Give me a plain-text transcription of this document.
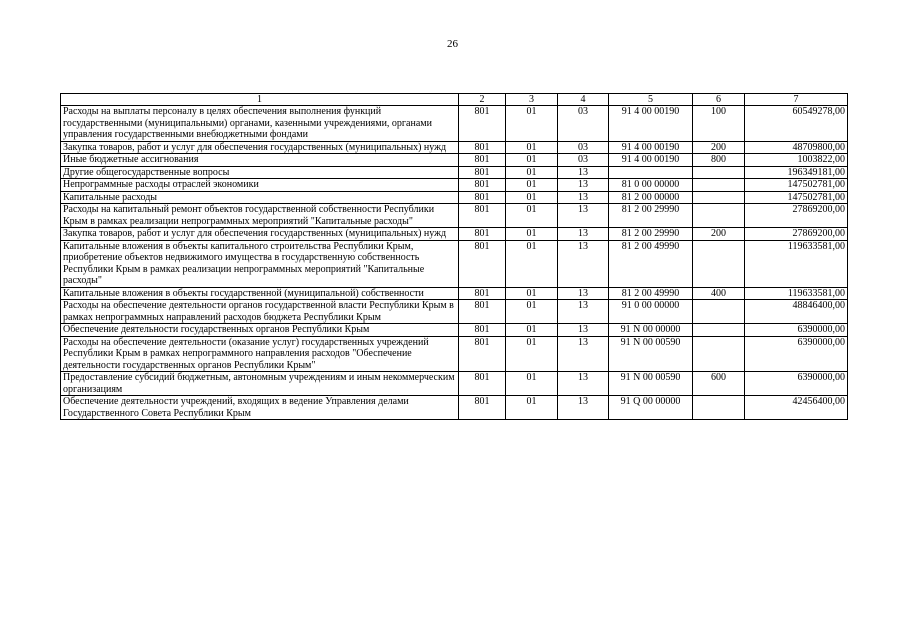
26
1	2	3	4	5	6	7
Расходы на выплаты персоналу в целях обеспечения выполнения функций государственными (муниципальными) органами, казенными учреждениями, органами управления государственными внебюджетными фондами	801	01	03	91 4 00 00190	100	60549278,00
Закупка товаров, работ и услуг для обеспечения государственных (муниципальных) нужд	801	01	03	91 4 00 00190	200	48709800,00
Иные бюджетные ассигнования	801	01	03	91 4 00 00190	800	1003822,00
Другие общегосударственные вопросы	801	01	13			196349181,00
Непрограммные расходы отраслей экономики	801	01	13	81 0 00 00000		147502781,00
Капитальные расходы	801	01	13	81 2 00 00000		147502781,00
Расходы на капитальный ремонт объектов государственной собственности Республики Крым в рамках реализации непрограммных мероприятий "Капитальные расходы"	801	01	13	81 2 00 29990		27869200,00
Закупка товаров, работ и услуг для обеспечения государственных (муниципальных) нужд	801	01	13	81 2 00 29990	200	27869200,00
Капитальные вложения в объекты капитального строительства Республики Крым, приобретение объектов недвижимого имущества в государственную собственность Республики Крым в рамках реализации непрограммных мероприятий "Капитальные расходы"	801	01	13	81 2 00 49990		119633581,00
Капитальные вложения в объекты государственной (муниципальной) собственности	801	01	13	81 2 00 49990	400	119633581,00
Расходы на обеспечение деятельности органов государственной власти Республики Крым в рамках непрограммных направлений расходов бюджета Республики Крым	801	01	13	91 0 00 00000		48846400,00
Обеспечение деятельности государственных органов Республики Крым	801	01	13	91 N 00 00000		6390000,00
Расходы на обеспечение деятельности (оказание услуг) государственных учреждений Республики Крым в рамках непрограммного направления расходов "Обеспечение деятельности государственных органов Республики Крым"	801	01	13	91 N 00 00590		6390000,00
Предоставление субсидий бюджетным, автономным учреждениям и иным некоммерческим организациям	801	01	13	91 N 00 00590	600	6390000,00
Обеспечение деятельности учреждений, входящих в ведение Управления делами Государственного Совета Республики Крым	801	01	13	91 Q 00 00000		42456400,00
